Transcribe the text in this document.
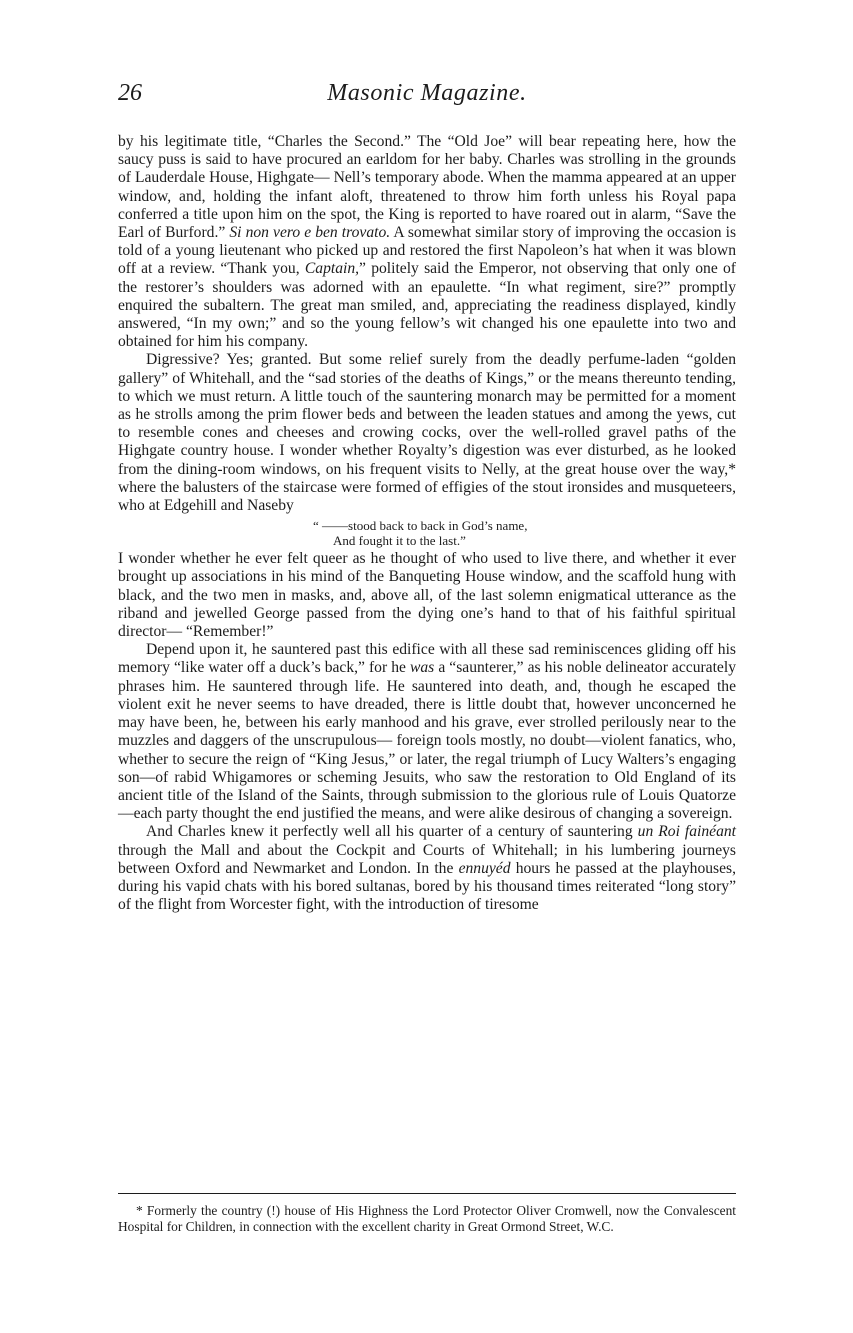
26	Masonic Magazine.

by his legitimate title, “Charles the Second.” The “Old Joe” will bear repeating here, how the saucy puss is said to have procured an earldom for her baby. Charles was strolling in the grounds of Lauderdale House, Highgate— Nell’s temporary abode. When the mamma appeared at an upper window, and, holding the infant aloft, threatened to throw him forth unless his Royal papa conferred a title upon him on the spot, the King is reported to have roared out in alarm, “Save the Earl of Burford.” Si non vero e ben trovato. A somewhat similar story of improving the occasion is told of a young lieutenant who picked up and restored the first Napoleon’s hat when it was blown off at a review. “Thank you, Captain,” politely said the Emperor, not observing that only one of the restorer’s shoulders was adorned with an epaulette. “In what regiment, sire?” promptly enquired the subaltern. The great man smiled, and, appreciating the readiness displayed, kindly answered, “In my own;” and so the young fellow’s wit changed his one epaulette into two and obtained for him his company.

Digressive? Yes; granted. But some relief surely from the deadly perfume-laden “golden gallery” of Whitehall, and the “sad stories of the deaths of Kings,” or the means thereunto tending, to which we must return. A little touch of the sauntering monarch may be permitted for a moment as he strolls among the prim flower beds and between the leaden statues and among the yews, cut to resemble cones and cheeses and crowing cocks, over the well-rolled gravel paths of the Highgate country house. I wonder whether Royalty’s digestion was ever disturbed, as he looked from the dining-room windows, on his frequent visits to Nelly, at the great house over the way,* where the balusters of the staircase were formed of effigies of the stout ironsides and musqueteers, who at Edgehill and Naseby

“ ——stood back to back in God’s name,
And fought it to the last.”

I wonder whether he ever felt queer as he thought of who used to live there, and whether it ever brought up associations in his mind of the Banqueting House window, and the scaffold hung with black, and the two men in masks, and, above all, of the last solemn enigmatical utterance as the riband and jewelled George passed from the dying one’s hand to that of his faithful spiritual director— “Remember!”

Depend upon it, he sauntered past this edifice with all these sad reminiscences gliding off his memory “like water off a duck’s back,” for he was a “saunterer,” as his noble delineator accurately phrases him. He sauntered through life. He sauntered into death, and, though he escaped the violent exit he never seems to have dreaded, there is little doubt that, however unconcerned he may have been, he, between his early manhood and his grave, ever strolled perilously near to the muzzles and daggers of the unscrupulous— foreign tools mostly, no doubt—violent fanatics, who, whether to secure the reign of “King Jesus,” or later, the regal triumph of Lucy Walters’s engaging son—of rabid Whigamores or scheming Jesuits, who saw the restoration to Old England of its ancient title of the Island of the Saints, through submission to the glorious rule of Louis Quatorze—each party thought the end justified the means, and were alike desirous of changing a sovereign.

And Charles knew it perfectly well all his quarter of a century of sauntering un Roi fainéant through the Mall and about the Cockpit and Courts of Whitehall; in his lumbering journeys between Oxford and Newmarket and London. In the ennuyéd hours he passed at the playhouses, during his vapid chats with his bored sultanas, bored by his thousand times reiterated “long story” of the flight from Worcester fight, with the introduction of tiresome

* Formerly the country (!) house of His Highness the Lord Protector Oliver Cromwell, now the Convalescent Hospital for Children, in connection with the excellent charity in Great Ormond Street, W.C.
